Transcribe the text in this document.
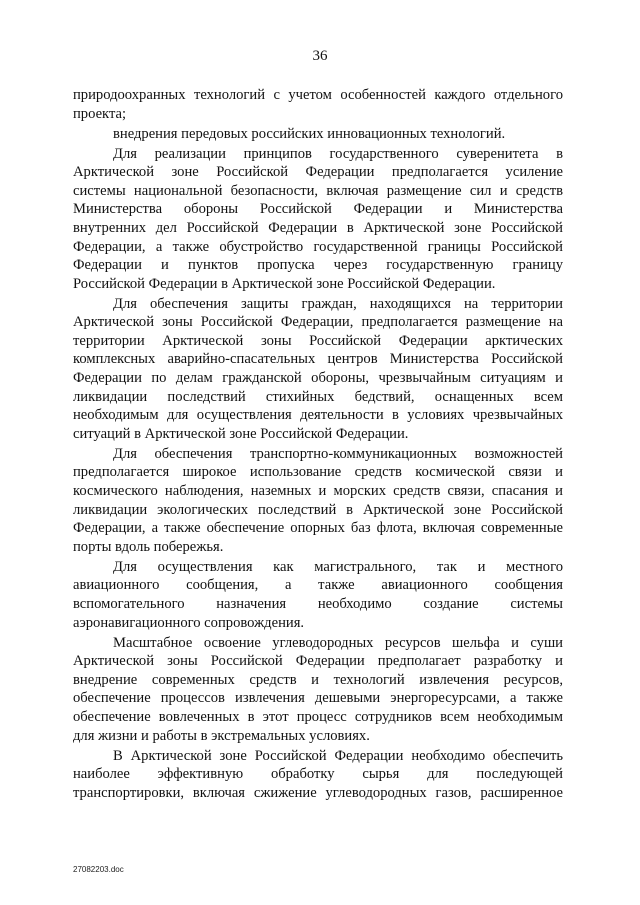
36
природоохранных технологий с учетом особенностей каждого отдельного
проекта;
внедрения передовых российских инновационных технологий.
Для реализации принципов государственного суверенитета в
Арктической зоне Российской Федерации предполагается усиление
системы национальной безопасности, включая размещение сил и средств
Министерства обороны Российской Федерации и Министерства
внутренних дел Российской Федерации в Арктической зоне Российской
Федерации, а также обустройство государственной границы Российской
Федерации и пунктов пропуска через государственную границу
Российской Федерации в Арктической зоне Российской Федерации.
Для обеспечения защиты граждан, находящихся на территории
Арктической зоны Российской Федерации, предполагается размещение на
территории Арктической зоны Российской Федерации арктических
комплексных аварийно-спасательных центров Министерства Российской
Федерации по делам гражданской обороны, чрезвычайным ситуациям и
ликвидации последствий стихийных бедствий, оснащенных всем
необходимым для осуществления деятельности в условиях чрезвычайных
ситуаций в Арктической зоне Российской Федерации.
Для обеспечения транспортно-коммуникационных возможностей
предполагается широкое использование средств космической связи и
космического наблюдения, наземных и морских средств связи, спасания и
ликвидации экологических последствий в Арктической зоне Российской
Федерации, а также обеспечение опорных баз флота, включая современные
порты вдоль побережья.
Для осуществления как магистрального, так и местного
авиационного сообщения, а также авиационного сообщения
вспомогательного назначения необходимо создание системы
аэронавигационного сопровождения.
Масштабное освоение углеводородных ресурсов шельфа и суши
Арктической зоны Российской Федерации предполагает разработку и
внедрение современных средств и технологий извлечения ресурсов,
обеспечение процессов извлечения дешевыми энергоресурсами, а также
обеспечение вовлеченных в этот процесс сотрудников всем необходимым
для жизни и работы в экстремальных условиях.
В Арктической зоне Российской Федерации необходимо обеспечить
наиболее эффективную обработку сырья для последующей
транспортировки, включая сжижение углеводородных газов, расширенное
27082203.doc
